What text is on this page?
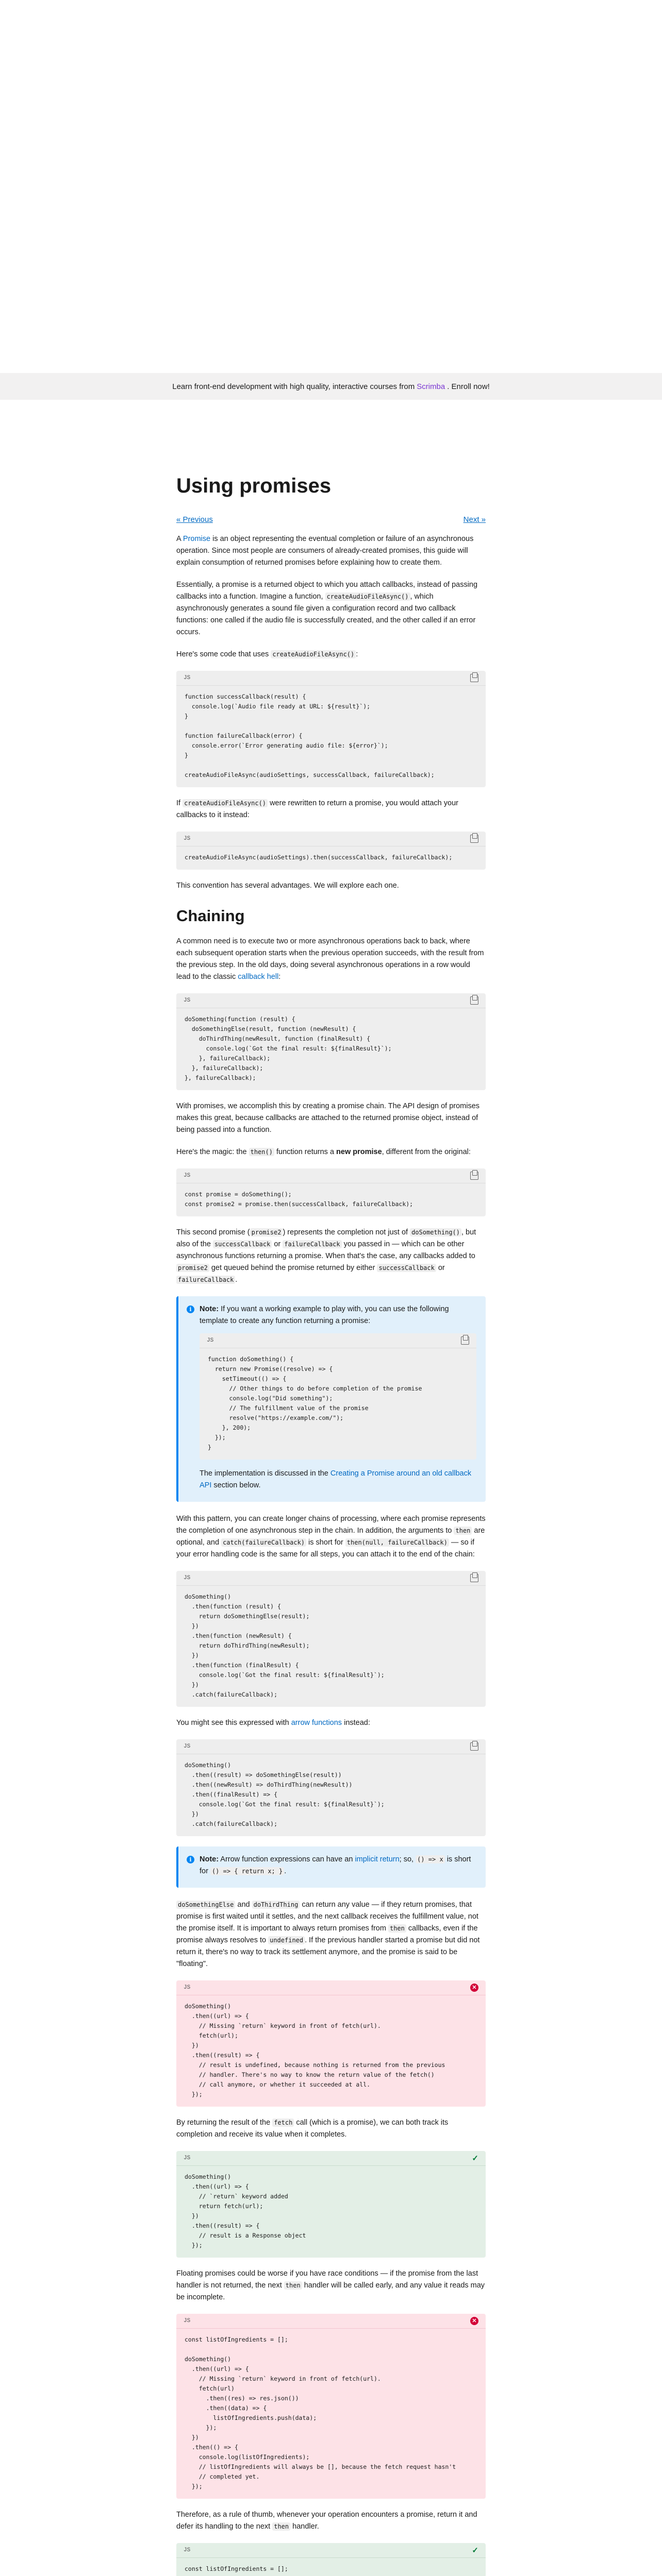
Learn front-end development with high quality, interactive courses from Scrimba . Enroll now!
Using promises
« Previous	Next »

A Promise is an object representing the eventual completion or failure of an asynchronous operation. Since most people are consumers of already-created promises, this guide will explain consumption of returned promises before explaining how to create them.

Essentially, a promise is a returned object to which you attach callbacks, instead of passing callbacks into a function. Imagine a function, createAudioFileAsync() , which asynchronously generates a sound file given a configuration record and two callback functions: one called if the audio file is successfully created, and the other called if an error occurs.

Here's some code that uses createAudioFileAsync() :

JS
function successCallback(result) {
console.log(`Audio file ready at URL: ${result}`);
}

function failureCallback(error) {
console.error(`Error generating audio file: ${error}`);
}

createAudioFileAsync(audioSettings, successCallback, failureCallback);

If createAudioFileAsync() were rewritten to return a promise, you would attach your callbacks to it instead:

JS
createAudioFileAsync(audioSettings).then(successCallback, failureCallback);

This convention has several advantages. We will explore each one.

Chaining

A common need is to execute two or more asynchronous operations back to back, where each subsequent operation starts when the previous operation succeeds, with the result from the previous step. In the old days, doing several asynchronous operations in a row would lead to the classic callback hell:

JS
doSomething(function (result) {
doSomethingElse(result, function (newResult) {
doThirdThing(newResult, function (finalResult) {
console.log(`Got the final result: ${finalResult}`);
}, failureCallback);
}, failureCallback);
}, failureCallback);

With promises, we accomplish this by creating a promise chain. The API design of promises makes this great, because callbacks are attached to the returned promise object, instead of being passed into a function.

Here's the magic: the then() function returns a new promise, different from the original:

JS
const promise = doSomething();
const promise2 = promise.then(successCallback, failureCallback);

This second promise ( promise2 ) represents the completion not just of doSomething() , but also of the successCallback or failureCallback you passed in — which can be other asynchronous functions returning a promise. When that's the case, any callbacks added to promise2 get queued behind the promise returned by either successCallback or failureCallback .

i	Note: If you want a working example to play with, you can use the following template to create any function returning a promise:

JS
function doSomething() {
return new Promise((resolve) => {
setTimeout(() => {
// Other things to do before completion of the promise
console.log("Did something");
// The fulfillment value of the promise
resolve("https://example.com/");
}, 200);
});
}

The implementation is discussed in the Creating a Promise around an old callback API section below.

With this pattern, you can create longer chains of processing, where each promise represents the completion of one asynchronous step in the chain. In addition, the arguments to then are optional, and catch(failureCallback) is short for then(null, failureCallback) — so if your error handling code is the same for all steps, you can attach it to the end of the chain:

JS
doSomething()
.then(function (result) {
return doSomethingElse(result);
})
.then(function (newResult) {
return doThirdThing(newResult);
})
.then(function (finalResult) {
console.log(`Got the final result: ${finalResult}`);
})
.catch(failureCallback);

You might see this expressed with arrow functions instead:

JS
doSomething()
.then((result) => doSomethingElse(result))
.then((newResult) => doThirdThing(newResult))
.then((finalResult) => {
console.log(`Got the final result: ${finalResult}`);
})
.catch(failureCallback);
i	Note: Arrow function expressions can have an implicit return; so, () => x is short for () => { return x; } .

doSomethingElse and doThirdThing can return any value — if they return promises, that promise is first waited until it settles, and the next callback receives the fulfillment value, not the promise itself. It is important to always return promises from then callbacks, even if the promise always resolves to undefined . If the previous handler started a promise but did not return it, there's no way to track its settlement anymore, and the promise is said to be "floating".

JS	✕
doSomething()
.then((url) => {
// Missing `return` keyword in front of fetch(url).
fetch(url);
})
.then((result) => {
// result is undefined, because nothing is returned from the previous
// handler. There's no way to know the return value of the fetch()
// call anymore, or whether it succeeded at all.
});

By returning the result of the fetch call (which is a promise), we can both track its completion and receive its value when it completes.

JS	✓
doSomething()
.then((url) => {
// `return` keyword added
return fetch(url);
})
.then((result) => {
// result is a Response object
});

Floating promises could be worse if you have race conditions — if the promise from the last handler is not returned, the next then handler will be called early, and any value it reads may be incomplete.

JS	✕
const listOfIngredients = [];

doSomething()
.then((url) => {
// Missing `return` keyword in front of fetch(url).
fetch(url)
.then((res) => res.json())
.then((data) => {
listOfIngredients.push(data);
});
})
.then(() => {
console.log(listOfIngredients);
// listOfIngredients will always be [], because the fetch request hasn't
// completed yet.
});

Therefore, as a rule of thumb, whenever your operation encounters a promise, return it and defer its handling to the next then handler.

JS	✓
const listOfIngredients = [];
